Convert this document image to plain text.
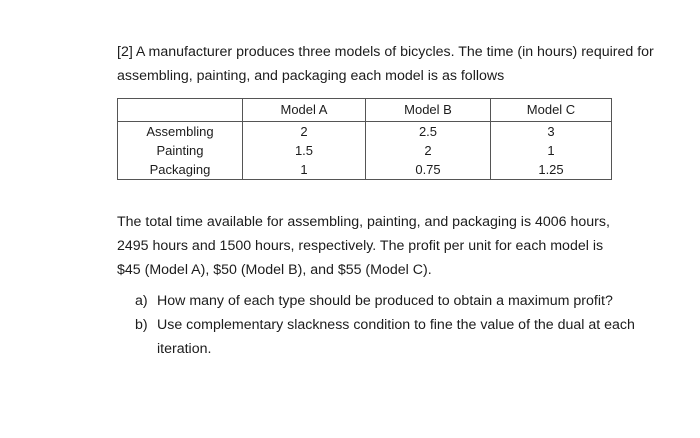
[2] A manufacturer produces three models of bicycles. The time (in hours) required for assembling, painting, and packaging each model is as follows
	Model A	Model B	Model C
Assembling	2	2.5	3
Painting	1.5	2	1
Packaging	1	0.75	1.25
The total time available for assembling, painting, and packaging is 4006 hours, 2495 hours and 1500 hours, respectively. The profit per unit for each model is $45 (Model A), $50 (Model B), and $55 (Model C).
a) How many of each type should be produced to obtain a maximum profit?
b) Use complementary slackness condition to fine the value of the dual at each iteration.
